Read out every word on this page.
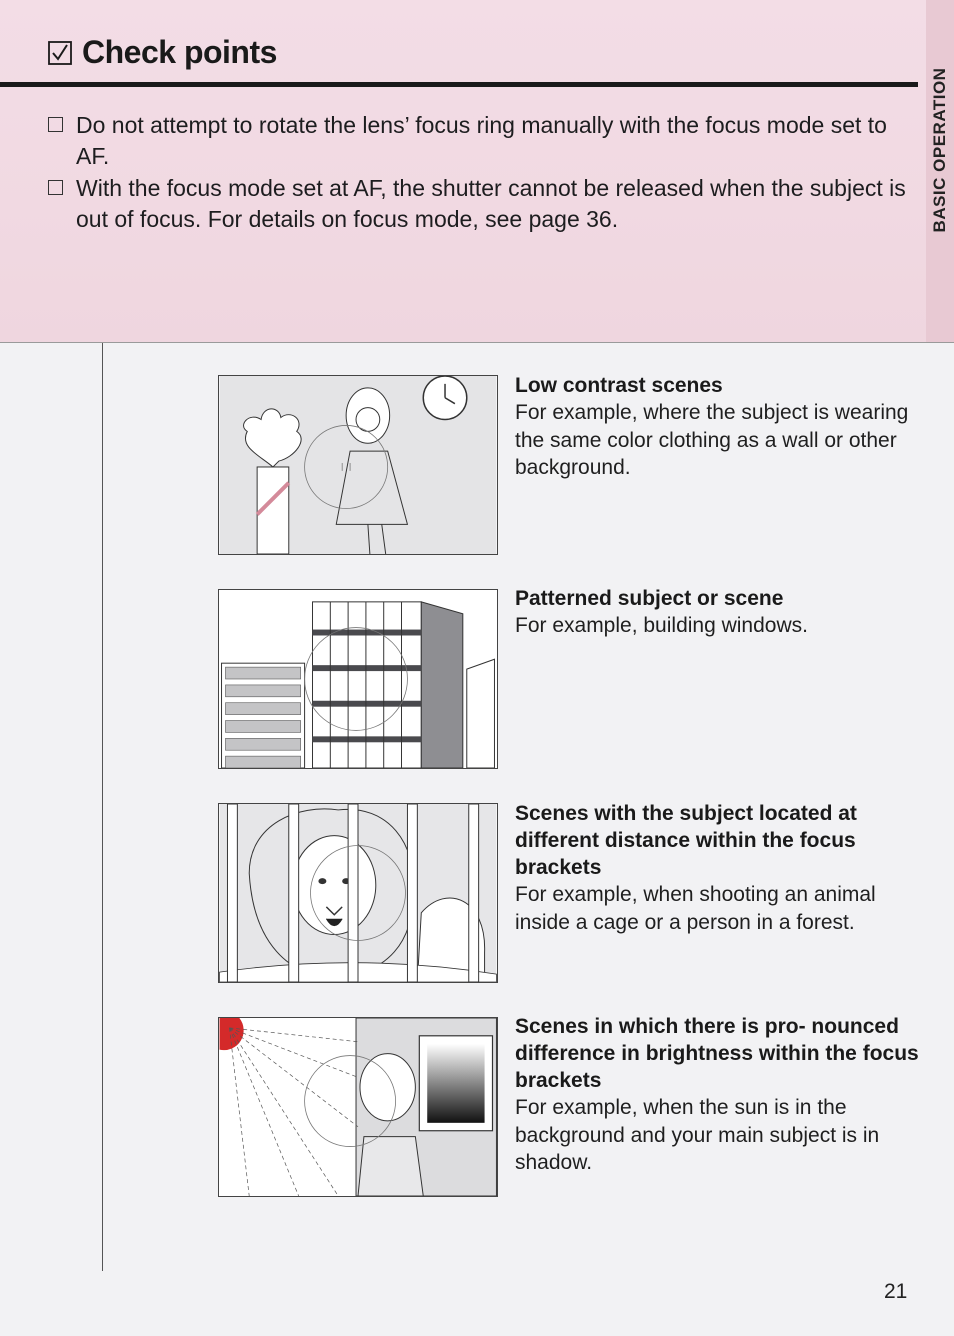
BASIC OPERATION
Check points
Do not attempt to rotate the lens’ focus ring manually with the focus mode set to AF.
With the focus mode set at AF, the shutter cannot be released when the subject is out of focus. For details on focus mode, see page 36.
Low contrast scenes
For example, where the subject is wearing the same color clothing as a wall or other background.
Patterned subject or scene
For example, building windows.
Scenes with the subject located at different distance within the focus brackets
For example, when shooting an animal inside a cage or a person in a forest.
Scenes in which there is pro- nounced difference in brightness within the focus brackets
For example, when the sun is in the background and your main subject is in shadow.
21
